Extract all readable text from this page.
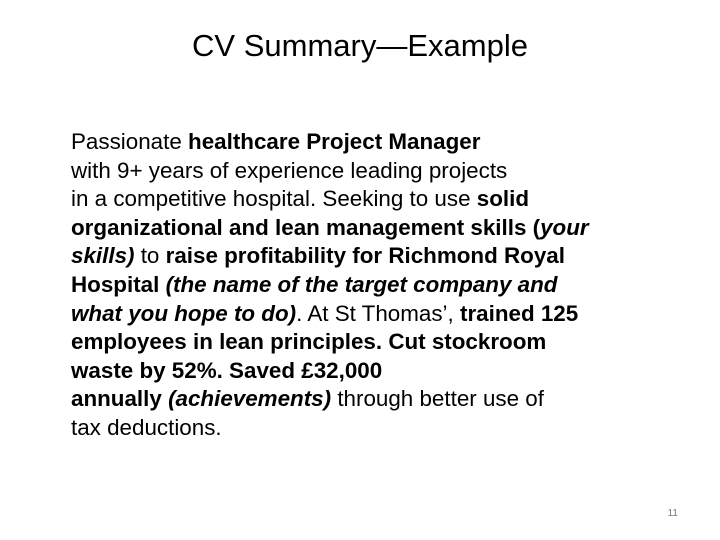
CV Summary—Example
Passionate healthcare Project Manager
with 9+ years of experience leading projects
in a competitive hospital. Seeking to use solid
organizational and lean management skills (your
skills) to raise profitability for Richmond Royal
Hospital (the name of the target company and
what you hope to do). At St Thomas’, trained 125
employees in lean principles. Cut stockroom
waste by 52%. Saved £32,000
annually (achievements) through better use of
tax deductions.
11
